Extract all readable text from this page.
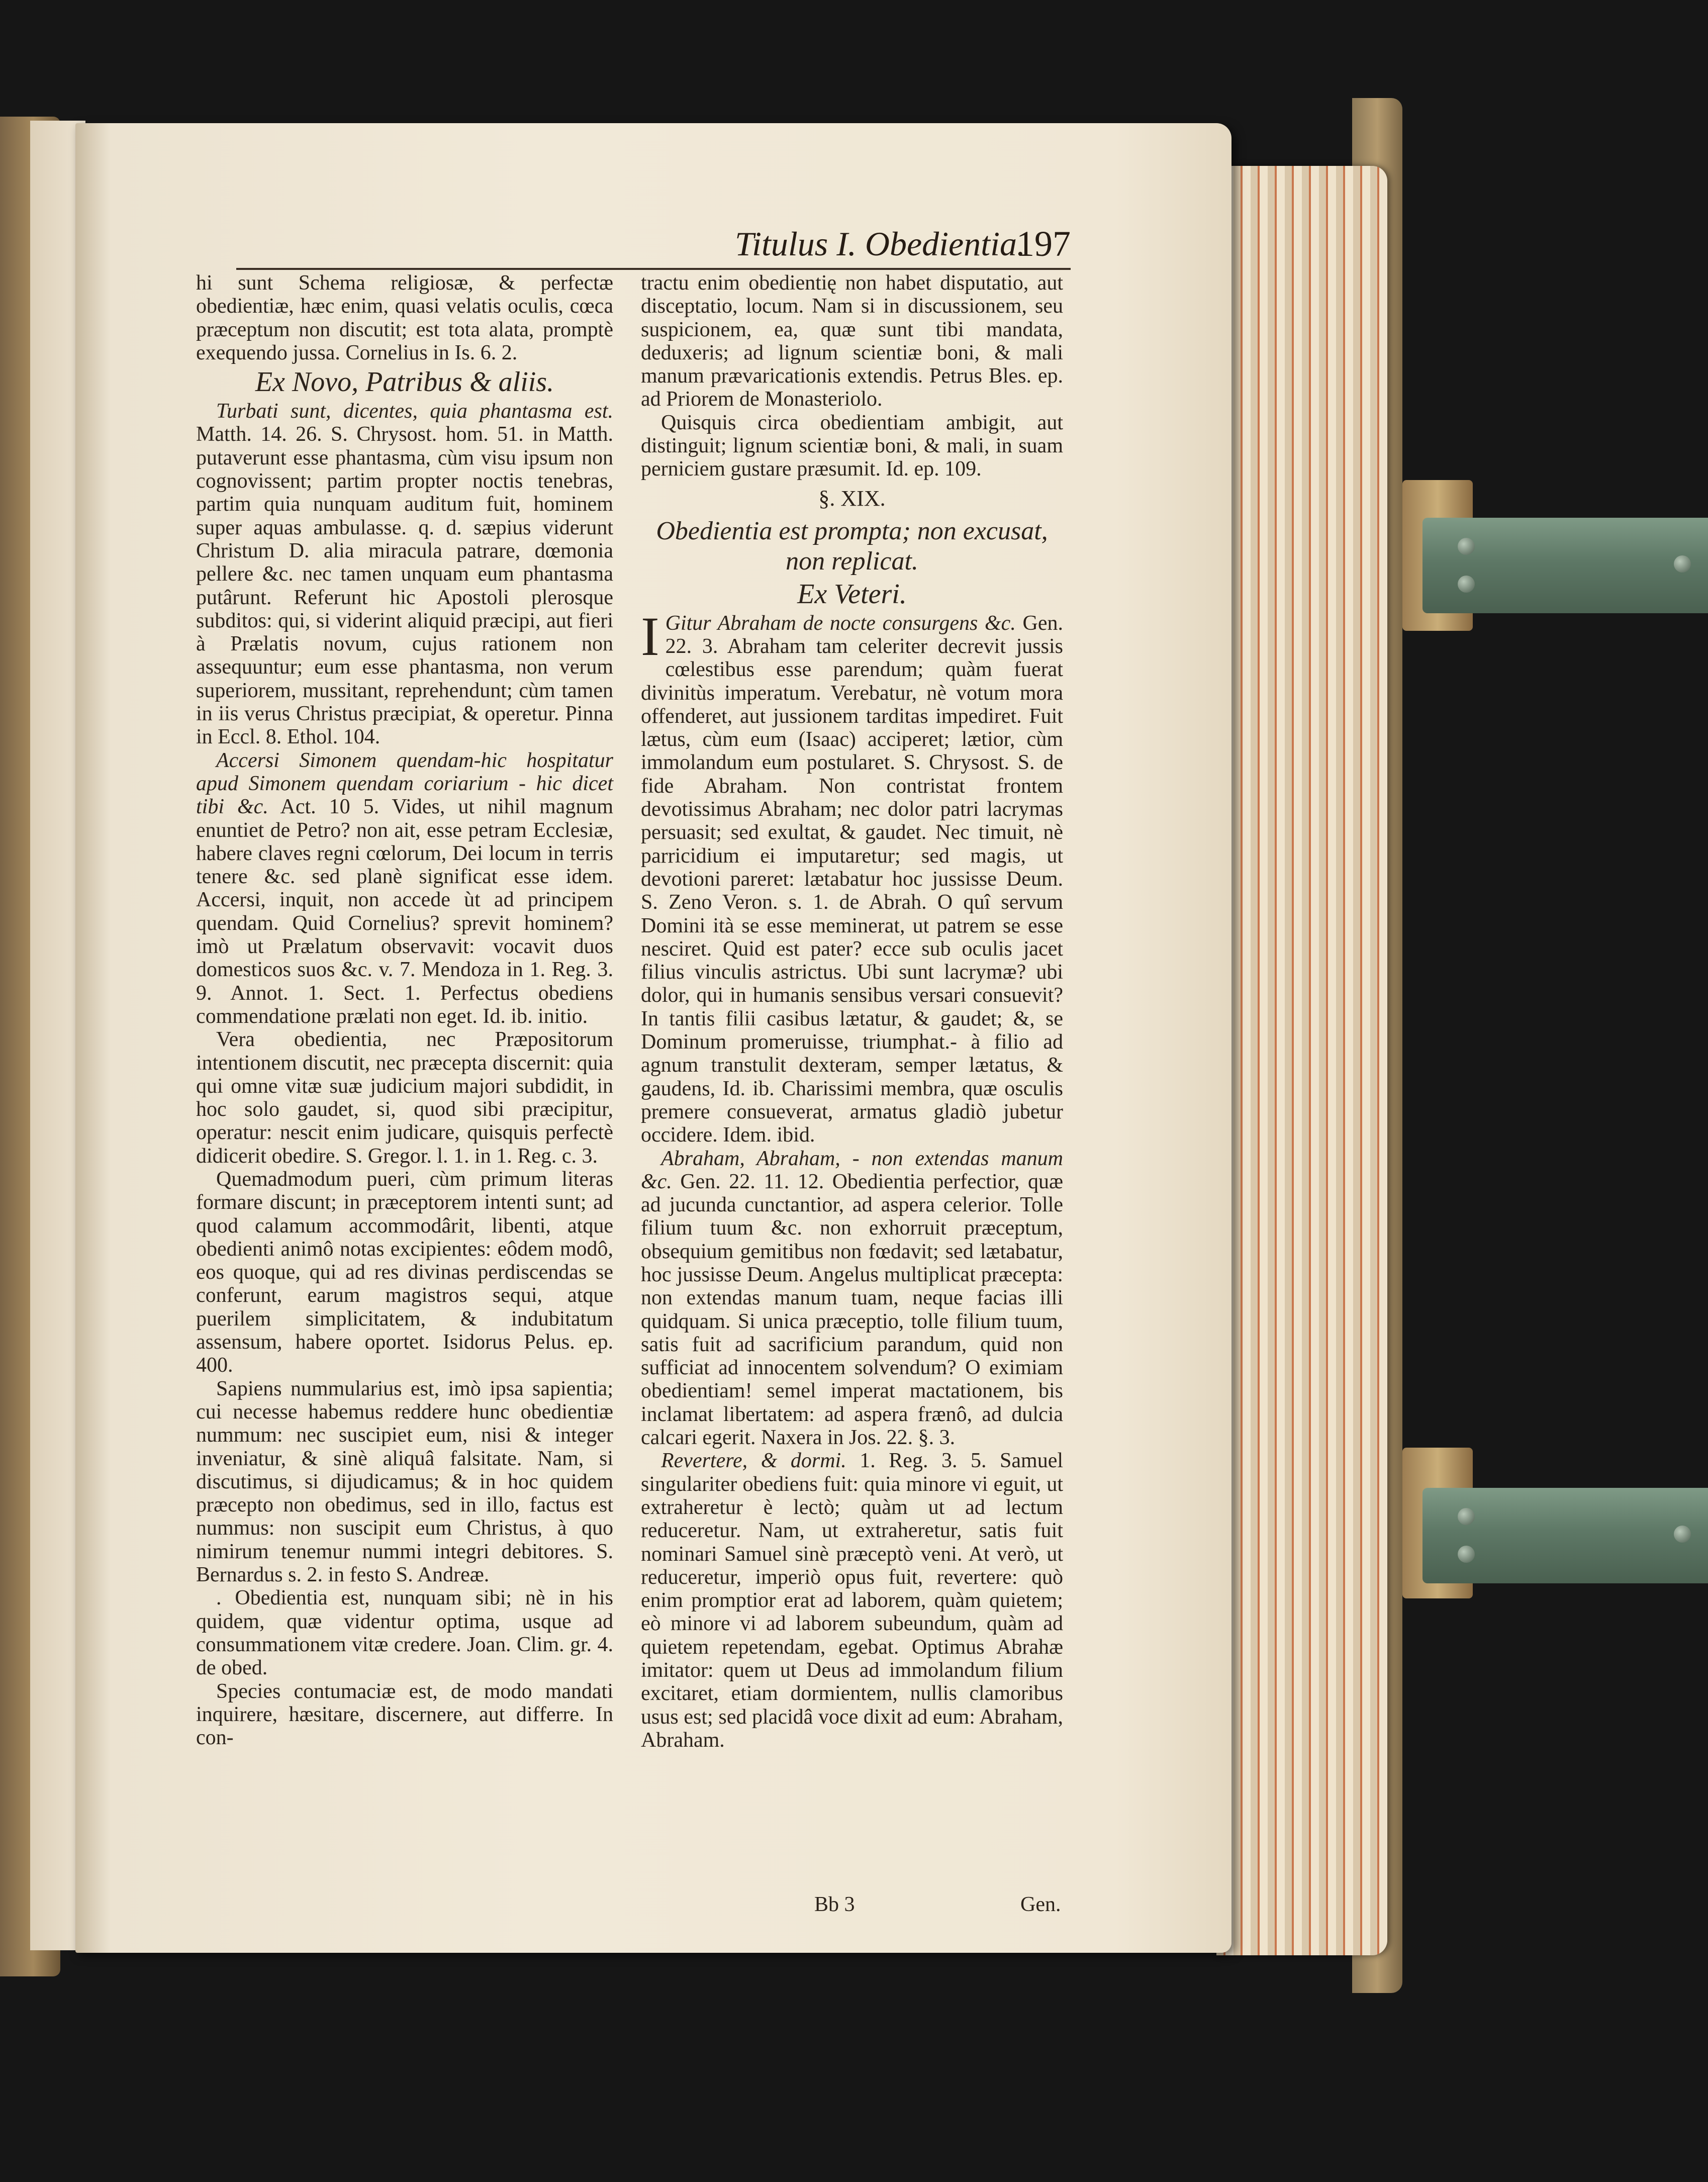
Titulus I. Obedientia.
197

hi sunt Schema religiosæ, & perfectæ obedientiæ, hæc enim, quasi velatis oculis, cœca præceptum non discutit; est tota alata, promptè exequendo jussa. Cornelius in Is. 6. 2.

Ex Novo, Patribus & aliis.

Turbati sunt, dicentes, quia phantasma est. Matth. 14. 26. S. Chrysost. hom. 51. in Matth. putaverunt esse phantasma, cùm visu ipsum non cognovissent; partim propter noctis tenebras, partim quia nunquam auditum fuit, hominem super aquas ambulasse. q. d. sæpius viderunt Christum D. alia miracula patrare, dœmonia pellere &c. nec tamen unquam eum phantasma putârunt. Referunt hic Apostoli plerosque subditos: qui, si viderint aliquid præcipi, aut fieri à Prælatis novum, cujus rationem non assequuntur; eum esse phantasma, non verum superiorem, mussitant, reprehendunt; cùm tamen in iis verus Christus præcipiat, & operetur. Pinna in Eccl. 8. Ethol. 104.

Accersi Simonem quendam-hic hospitatur apud Simonem quendam coriarium - hic dicet tibi &c. Act. 10 5. Vides, ut nihil magnum enuntiet de Petro? non ait, esse petram Ecclesiæ, habere claves regni cœlorum, Dei locum in terris tenere &c. sed planè significat esse idem. Accersi, inquit, non accede ùt ad principem quendam. Quid Cornelius? sprevit hominem? imò ut Prælatum observavit: vocavit duos domesticos suos &c. v. 7. Mendoza in 1. Reg. 3. 9. Annot. 1. Sect. 1. Perfectus obediens commendatione prælati non eget. Id. ib. initio.

Vera obedientia, nec Præpositorum intentionem discutit, nec præcepta discernit: quia qui omne vitæ suæ judicium majori subdidit, in hoc solo gaudet, si, quod sibi præcipitur, operatur: nescit enim judicare, quisquis perfectè didicerit obedire. S. Gregor. l. 1. in 1. Reg. c. 3.

Quemadmodum pueri, cùm primum literas formare discunt; in præceptorem intenti sunt; ad quod calamum accommodârit, libenti, atque obedienti animô notas excipientes: eôdem modô, eos quoque, qui ad res divinas perdiscendas se conferunt, earum magistros sequi, atque puerilem simplicitatem, & indubitatum assensum, habere oportet. Isidorus Pelus. ep. 400.

Sapiens nummularius est, imò ipsa sapientia; cui necesse habemus reddere hunc obedientiæ nummum: nec suscipiet eum, nisi & integer inveniatur, & sinè aliquâ falsitate. Nam, si discutimus, si dijudicamus; & in hoc quidem præcepto non obedimus, sed in illo, factus est nummus: non suscipit eum Christus, à quo nimirum tenemur nummi integri debitores. S. Bernardus s. 2. in festo S. Andreæ.

. Obedientia est, nunquam sibi; nè in his quidem, quæ videntur optima, usque ad consummationem vitæ credere. Joan. Clim. gr. 4. de obed.

Species contumaciæ est, de modo mandati inquirere, hæsitare, discernere, aut differre. In con-

tractu enim obedientię non habet disputatio, aut disceptatio, locum. Nam si in discussionem, seu suspicionem, ea, quæ sunt tibi mandata, deduxeris; ad lignum scientiæ boni, & mali manum prævaricationis extendis. Petrus Bles. ep. ad Priorem de Monasteriolo.

Quisquis circa obedientiam ambigit, aut distinguit; lignum scientiæ boni, & mali, in suam perniciem gustare præsumit. Id. ep. 109.

§. XIX.
Obedientia est prompta; non excusat,
non replicat.
Ex Veteri.

I Gitur Abraham de nocte consurgens &c. Gen. 22. 3. Abraham tam celeriter decrevit jussis cœlestibus esse parendum; quàm fuerat divinitùs imperatum. Verebatur, nè votum mora offenderet, aut jussionem tarditas impediret. Fuit lætus, cùm eum (Isaac) acciperet; lætior, cùm immolandum eum postularet. S. Chrysost. S. de fide Abraham. Non contristat frontem devotissimus Abraham; nec dolor patri lacrymas persuasit; sed exultat, & gaudet. Nec timuit, nè parricidium ei imputaretur; sed magis, ut devotioni pareret: lætabatur hoc jussisse Deum. S. Zeno Veron. s. 1. de Abrah. O quî servum Domini ità se esse meminerat, ut patrem se esse nesciret. Quid est pater? ecce sub oculis jacet filius vinculis astrictus. Ubi sunt lacrymæ? ubi dolor, qui in humanis sensibus versari consuevit? In tantis filii casibus lætatur, & gaudet; &, se Dominum promeruisse, triumphat.- à filio ad agnum transtulit dexteram, semper lætatus, & gaudens, Id. ib. Charissimi membra, quæ osculis premere consueverat, armatus gladiò jubetur occidere. Idem. ibid.

Abraham, Abraham, - non extendas manum &c. Gen. 22. 11. 12. Obedientia perfectior, quæ ad jucunda cunctantior, ad aspera celerior. Tolle filium tuum &c. non exhorruit præceptum, obsequium gemitibus non fœdavit; sed lætabatur, hoc jussisse Deum. Angelus multiplicat præcepta: non extendas manum tuam, neque facias illi quidquam. Si unica præceptio, tolle filium tuum, satis fuit ad sacrificium parandum, quid non sufficiat ad innocentem solvendum? O eximiam obedientiam! semel imperat mactationem, bis inclamat libertatem: ad aspera frænô, ad dulcia calcari egerit. Naxera in Jos. 22. §. 3.

Revertere, & dormi. 1. Reg. 3. 5. Samuel singulariter obediens fuit: quia minore vi eguit, ut extraheretur è lectò; quàm ut ad lectum reduceretur. Nam, ut extraheretur, satis fuit nominari Samuel sinè præceptò veni. At verò, ut reduceretur, imperiò opus fuit, revertere: quò enim promptior erat ad laborem, quàm quietem; eò minore vi ad laborem subeundum, quàm ad quietem repetendam, egebat. Optimus Abrahæ imitator: quem ut Deus ad immolandum filium excitaret, etiam dormientem, nullis clamoribus usus est; sed placidâ voce dixit ad eum: Abraham, Abraham.

Bb 3	Gen.
